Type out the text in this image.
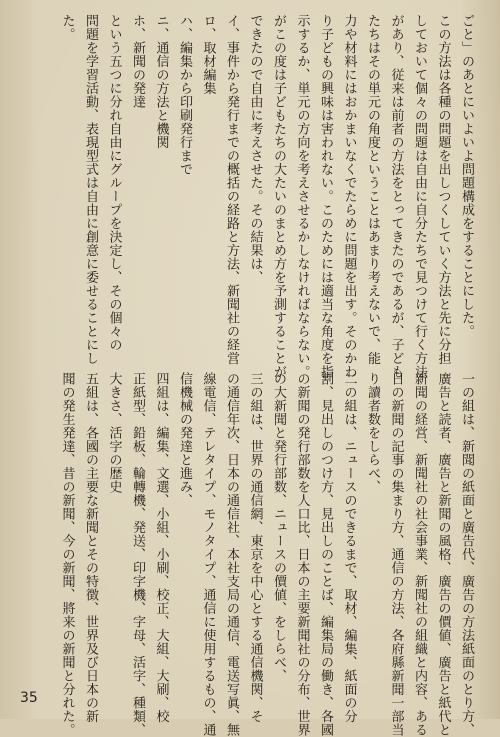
ごと」のあとにいよいよ問題構成をすることにした。

この方法は各種の問題を出しつくしていく方法と先に分担

しておいて個々の問題は自由に自分たちで見つけて行く方法

があり、従来は前者の方法をとってきたのであるが、子ども

たちはその単元の角度ということはあまり考えないで、能

力や材料にはおかまいなくでたらめに問題を出す。そのかわ

り子どもの興味は害われない。このためには適当な角度を指

示するか、単元の方向を考えさせるかしなければならない。

がこの度は子どもたちの大たいのまとめ方を予測することが

できたので自由に考えさせた。その結果は、

イ、事件から発行までの概括の経路と方法、新聞社の経営

ロ、取材編集

ハ、編集から印刷発行まで

ニ、通信の方法と機関

ホ、新聞の発達

という五つに分れ自由にグループを決定し、その個々の

問題を学習活動、表現型式は自由に創意に委せることにし

た。

一の組は、新聞の紙面と廣告代、廣告の方法紙面のとり方、

廣告と読者、廣告と新聞の風格、廣告の價値、廣告と紙代と

新聞の経営、新聞社の社会事業、新聞社の組織と内容、ある

日の新聞の記事の集まり方、通信の方法、各府縣新聞一部当

り讀者数をしらべ、

二の組は、ニュースのできるまで、取材、編集、紙面の分

割、見出しのつけ方、見出しのことば、編集局の働き、各國

の新聞の発行部数を人口比、日本の主要新聞社の分布、世界

の大新聞と発行部数、ニュースの價値、をしらべ、

三の組は、世界の通信網、東京を中心とする通信機関、そ

の通信年次、日本の通信社、本社支局の通信、電送写眞、無

線電信、テレタイプ、モノタイプ、通信に使用するもの、通

信機械の発達と進み、

四組は、編集、文選、小組、小刷、校正、大組、大刷、校

正紙型、鉛板、輪轉機、発送、印字機、字母、活字、種類、

大きさ、活字の歴史

五組は、各國の主要な新聞とその特徴、世界及び日本の新

聞の発生発達、昔の新聞、今の新聞、將来の新聞と分れた。

35
